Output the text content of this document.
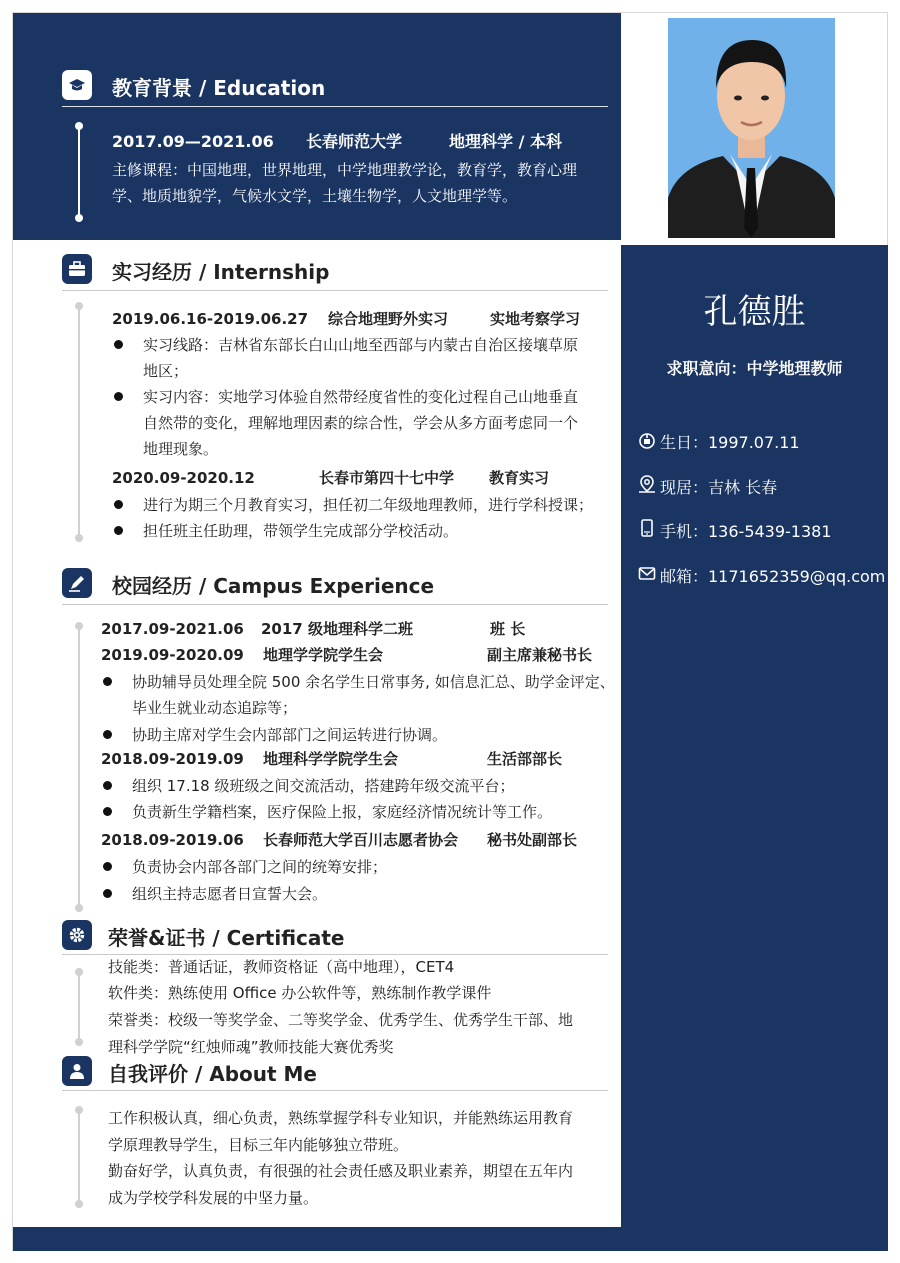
孔德胜
求职意向：中学地理教师
生日：1997.07.11
现居：吉林 长春
手机：136-5439-1381
邮箱：1171652359@qq.com
教育背景 / Education
2017.09—2021.06 长春师范大学	地理科学 / 本科
主修课程：中国地理，世界地理，中学地理教学论，教育学，教育心理
学、地质地貌学，气候水文学，土壤生物学，人文地理学等。
实习经历 / Internship
2019.06.16-2019.06.27 综合地理野外实习	实地考察学习
实习线路：吉林省东部长白山山地至西部与内蒙古自治区接壤草原
地区；
实习内容：实地学习体验自然带经度省性的变化过程自己山地垂直
自然带的变化，理解地理因素的综合性，学会从多方面考虑同一个
地理现象。
2020.09-2020.12	长春市第四十七中学 教育实习
进行为期三个月教育实习，担任初二年级地理教师，进行学科授课；
担任班主任助理，带领学生完成部分学校活动。
校园经历 / Campus Experience
2017.09-2021.06 2017 级地理科学二班	班 长
2019.09-2020.09 地理学学院学生会	副主席兼秘书长
协助辅导员处理全院 500 余名学生日常事务, 如信息汇总、助学金评定、
毕业生就业动态追踪等；
协助主席对学生会内部部门之间运转进行协调。
2018.09-2019.09 地理科学学院学生会	生活部部长
组织 17.18 级班级之间交流活动，搭建跨年级交流平台；
负责新生学籍档案，医疗保险上报，家庭经济情况统计等工作。
2018.09-2019.06 长春师范大学百川志愿者协会 秘书处副部长
负责协会内部各部门之间的统筹安排；
组织主持志愿者日宣誓大会。
荣誉&证书 / Certificate
技能类：普通话证，教师资格证（高中地理），CET4
软件类：熟练使用 Office 办公软件等，熟练制作教学课件
荣誉类：校级一等奖学金、二等奖学金、优秀学生、优秀学生干部、地
理科学学院“红烛师魂”教师技能大赛优秀奖
自我评价 / About Me
工作积极认真，细心负责，熟练掌握学科专业知识，并能熟练运用教育
学原理教导学生，目标三年内能够独立带班。
勤奋好学，认真负责，有很强的社会责任感及职业素养，期望在五年内
成为学校学科发展的中坚力量。
